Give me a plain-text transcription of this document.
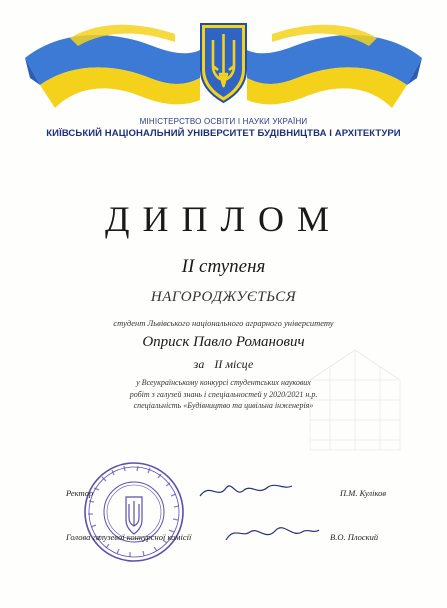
МІНІСТЕРСТВО ОСВІТИ І НАУКИ УКРАЇНИ
КИЇВСЬКИЙ НАЦІОНАЛЬНИЙ УНІВЕРСИТЕТ БУДІВНИЦТВА І АРХІТЕКТУРИ
ДИПЛОМ
II ступеня
НАГОРОДЖУЄТЬСЯ
студент Львівського національного аграрного університету
Оприск Павло Романович
за II місце
у Всеукраїнському конкурсі студентських наукових
робіт з галузей знань і спеціальностей у 2020/2021 н.р.
спеціальність «Будівництво та цивільна інженерія»
Ректор	П.М. Куліков
Голова галузевої конкурсної комісії	В.О. Плоский
